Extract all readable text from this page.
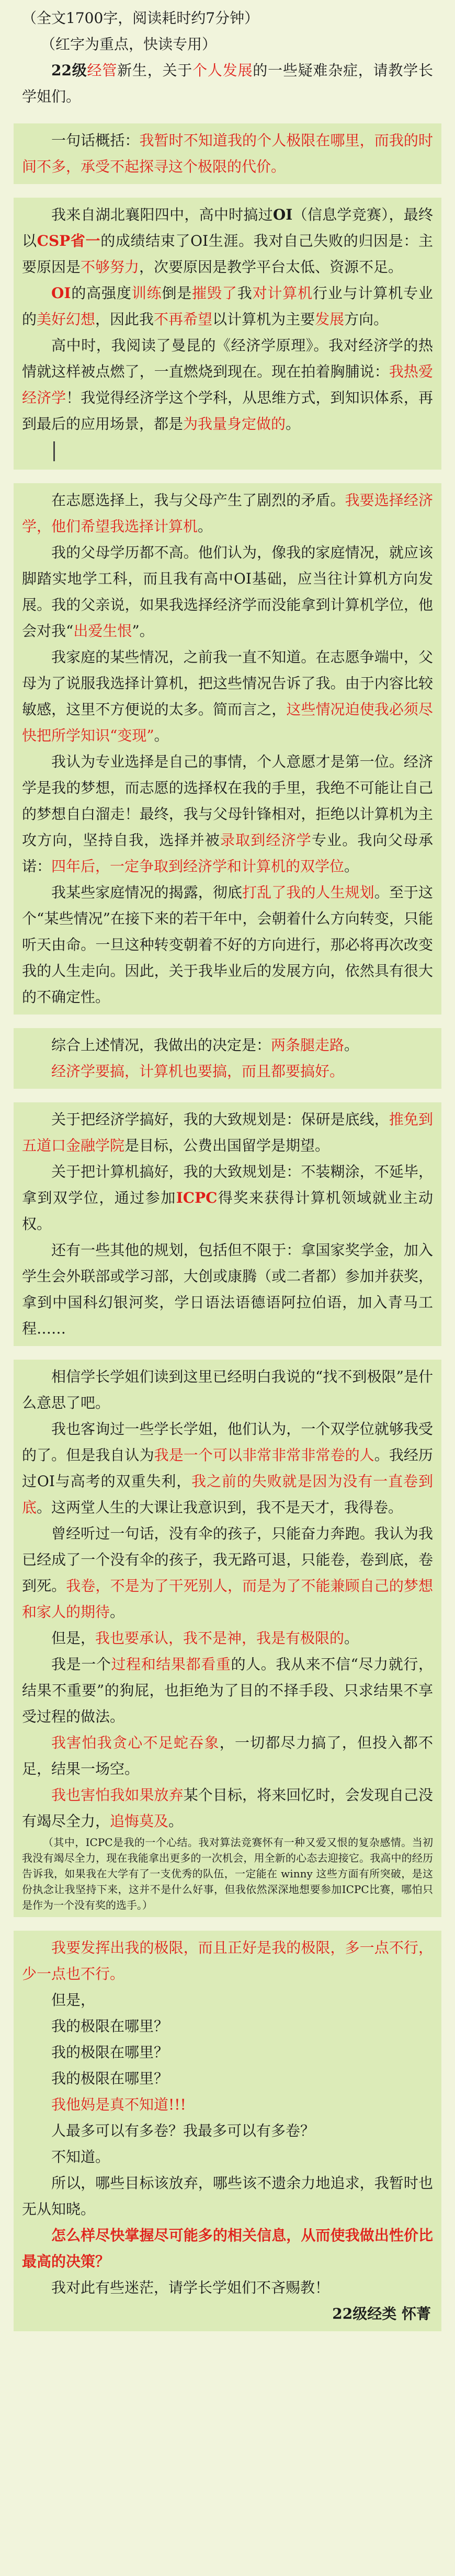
（全文1700字，阅读耗时约7分钟）

（红字为重点，快读专用）

22级经管新生，关于个人发展的一些疑难杂症，请教学长学姐们。

一句话概括：我暂时不知道我的个人极限在哪里，而我的时间不多，承受不起探寻这个极限的代价。

我来自湖北襄阳四中，高中时搞过OI（信息学竞赛），最终以CSP省一的成绩结束了OI生涯。我对自己失败的归因是：主要原因是不够努力，次要原因是教学平台太低、资源不足。

OI的高强度训练倒是摧毁了我对计算机行业与计算机专业的美好幻想，因此我不再希望以计算机为主要发展方向。

高中时，我阅读了曼昆的《经济学原理》。我对经济学的热情就这样被点燃了，一直燃烧到现在。现在拍着胸脯说：我热爱经济学！我觉得经济学这个学科，从思维方式，到知识体系，再到最后的应用场景，都是为我量身定做的。

在志愿选择上，我与父母产生了剧烈的矛盾。我要选择经济学，他们希望我选择计算机。

我的父母学历都不高。他们认为，像我的家庭情况，就应该脚踏实地学工科，而且我有高中OI基础，应当往计算机方向发展。我的父亲说，如果我选择经济学而没能拿到计算机学位，他会对我“出爱生恨”。

我家庭的某些情况，之前我一直不知道。在志愿争端中，父母为了说服我选择计算机，把这些情况告诉了我。由于内容比较敏感，这里不方便说的太多。简而言之，这些情况迫使我必须尽快把所学知识“变现”。

我认为专业选择是自己的事情，个人意愿才是第一位。经济学是我的梦想，而志愿的选择权在我的手里，我绝不可能让自己的梦想自白溜走！最终，我与父母针锋相对，拒绝以计算机为主攻方向，坚持自我，选择并被录取到经济学专业。我向父母承诺：四年后，一定争取到经济学和计算机的双学位。

我某些家庭情况的揭露，彻底打乱了我的人生规划。至于这个“某些情况”在接下来的若干年中，会朝着什么方向转变，只能听天由命。一旦这种转变朝着不好的方向进行，那必将再次改变我的人生走向。因此，关于我毕业后的发展方向，依然具有很大的不确定性。

综合上述情况，我做出的决定是：两条腿走路。

经济学要搞，计算机也要搞，而且都要搞好。

关于把经济学搞好，我的大致规划是：保研是底线，推免到五道口金融学院是目标，公费出国留学是期望。

关于把计算机搞好，我的大致规划是：不装糊涂，不延毕，拿到双学位，通过参加ICPC得奖来获得计算机领域就业主动权。

还有一些其他的规划，包括但不限于：拿国家奖学金，加入学生会外联部或学习部，大创或康腾（或二者都）参加并获奖，拿到中国科幻银河奖，学日语法语德语阿拉伯语，加入青马工程……

相信学长学姐们读到这里已经明白我说的“找不到极限”是什么意思了吧。

我也客询过一些学长学姐，他们认为，一个双学位就够我受的了。但是我自认为我是一个可以非常非常非常卷的人。我经历过OI与高考的双重失利，我之前的失败就是因为没有一直卷到底。这两堂人生的大课让我意识到，我不是天才，我得卷。

曾经听过一句话，没有伞的孩子，只能奋力奔跑。我认为我已经成了一个没有伞的孩子，我无路可退，只能卷，卷到底，卷到死。我卷，不是为了干死别人，而是为了不能兼顾自己的梦想和家人的期待。

但是，我也要承认，我不是神，我是有极限的。

我是一个过程和结果都看重的人。我从来不信“尽力就行，结果不重要”的狗屁，也拒绝为了目的不择手段、只求结果不享受过程的做法。

我害怕我贪心不足蛇吞象，一切都尽力搞了，但投入都不足，结果一场空。

我也害怕我如果放弃某个目标，将来回忆时，会发现自己没有竭尽全力，追悔莫及。

（其中，ICPC是我的一个心结。我对算法竞赛怀有一种又爱又恨的复杂感情。当初我没有竭尽全力，现在我能拿出更多的一次机会，用全新的心态去迎接它。我高中的经历告诉我，如果我在大学有了一支优秀的队伍，一定能在 winny 这些方面有所突破，是这份执念让我坚持下来，这并不是什么好事，但我依然深深地想要参加ICPC比赛，哪怕只是作为一个没有奖的选手。）

我要发挥出我的极限，而且正好是我的极限，多一点不行，少一点也不行。

但是，

我的极限在哪里？

我的极限在哪里？

我的极限在哪里？

我他妈是真不知道!!!

人最多可以有多卷？我最多可以有多卷？

不知道。

所以，哪些目标该放弃，哪些该不遗余力地追求，我暂时也无从知晓。

怎么样尽快掌握尽可能多的相关信息，从而使我做出性价比最高的决策？

我对此有些迷茫，请学长学姐们不吝赐教！

22级经类 怀菁
